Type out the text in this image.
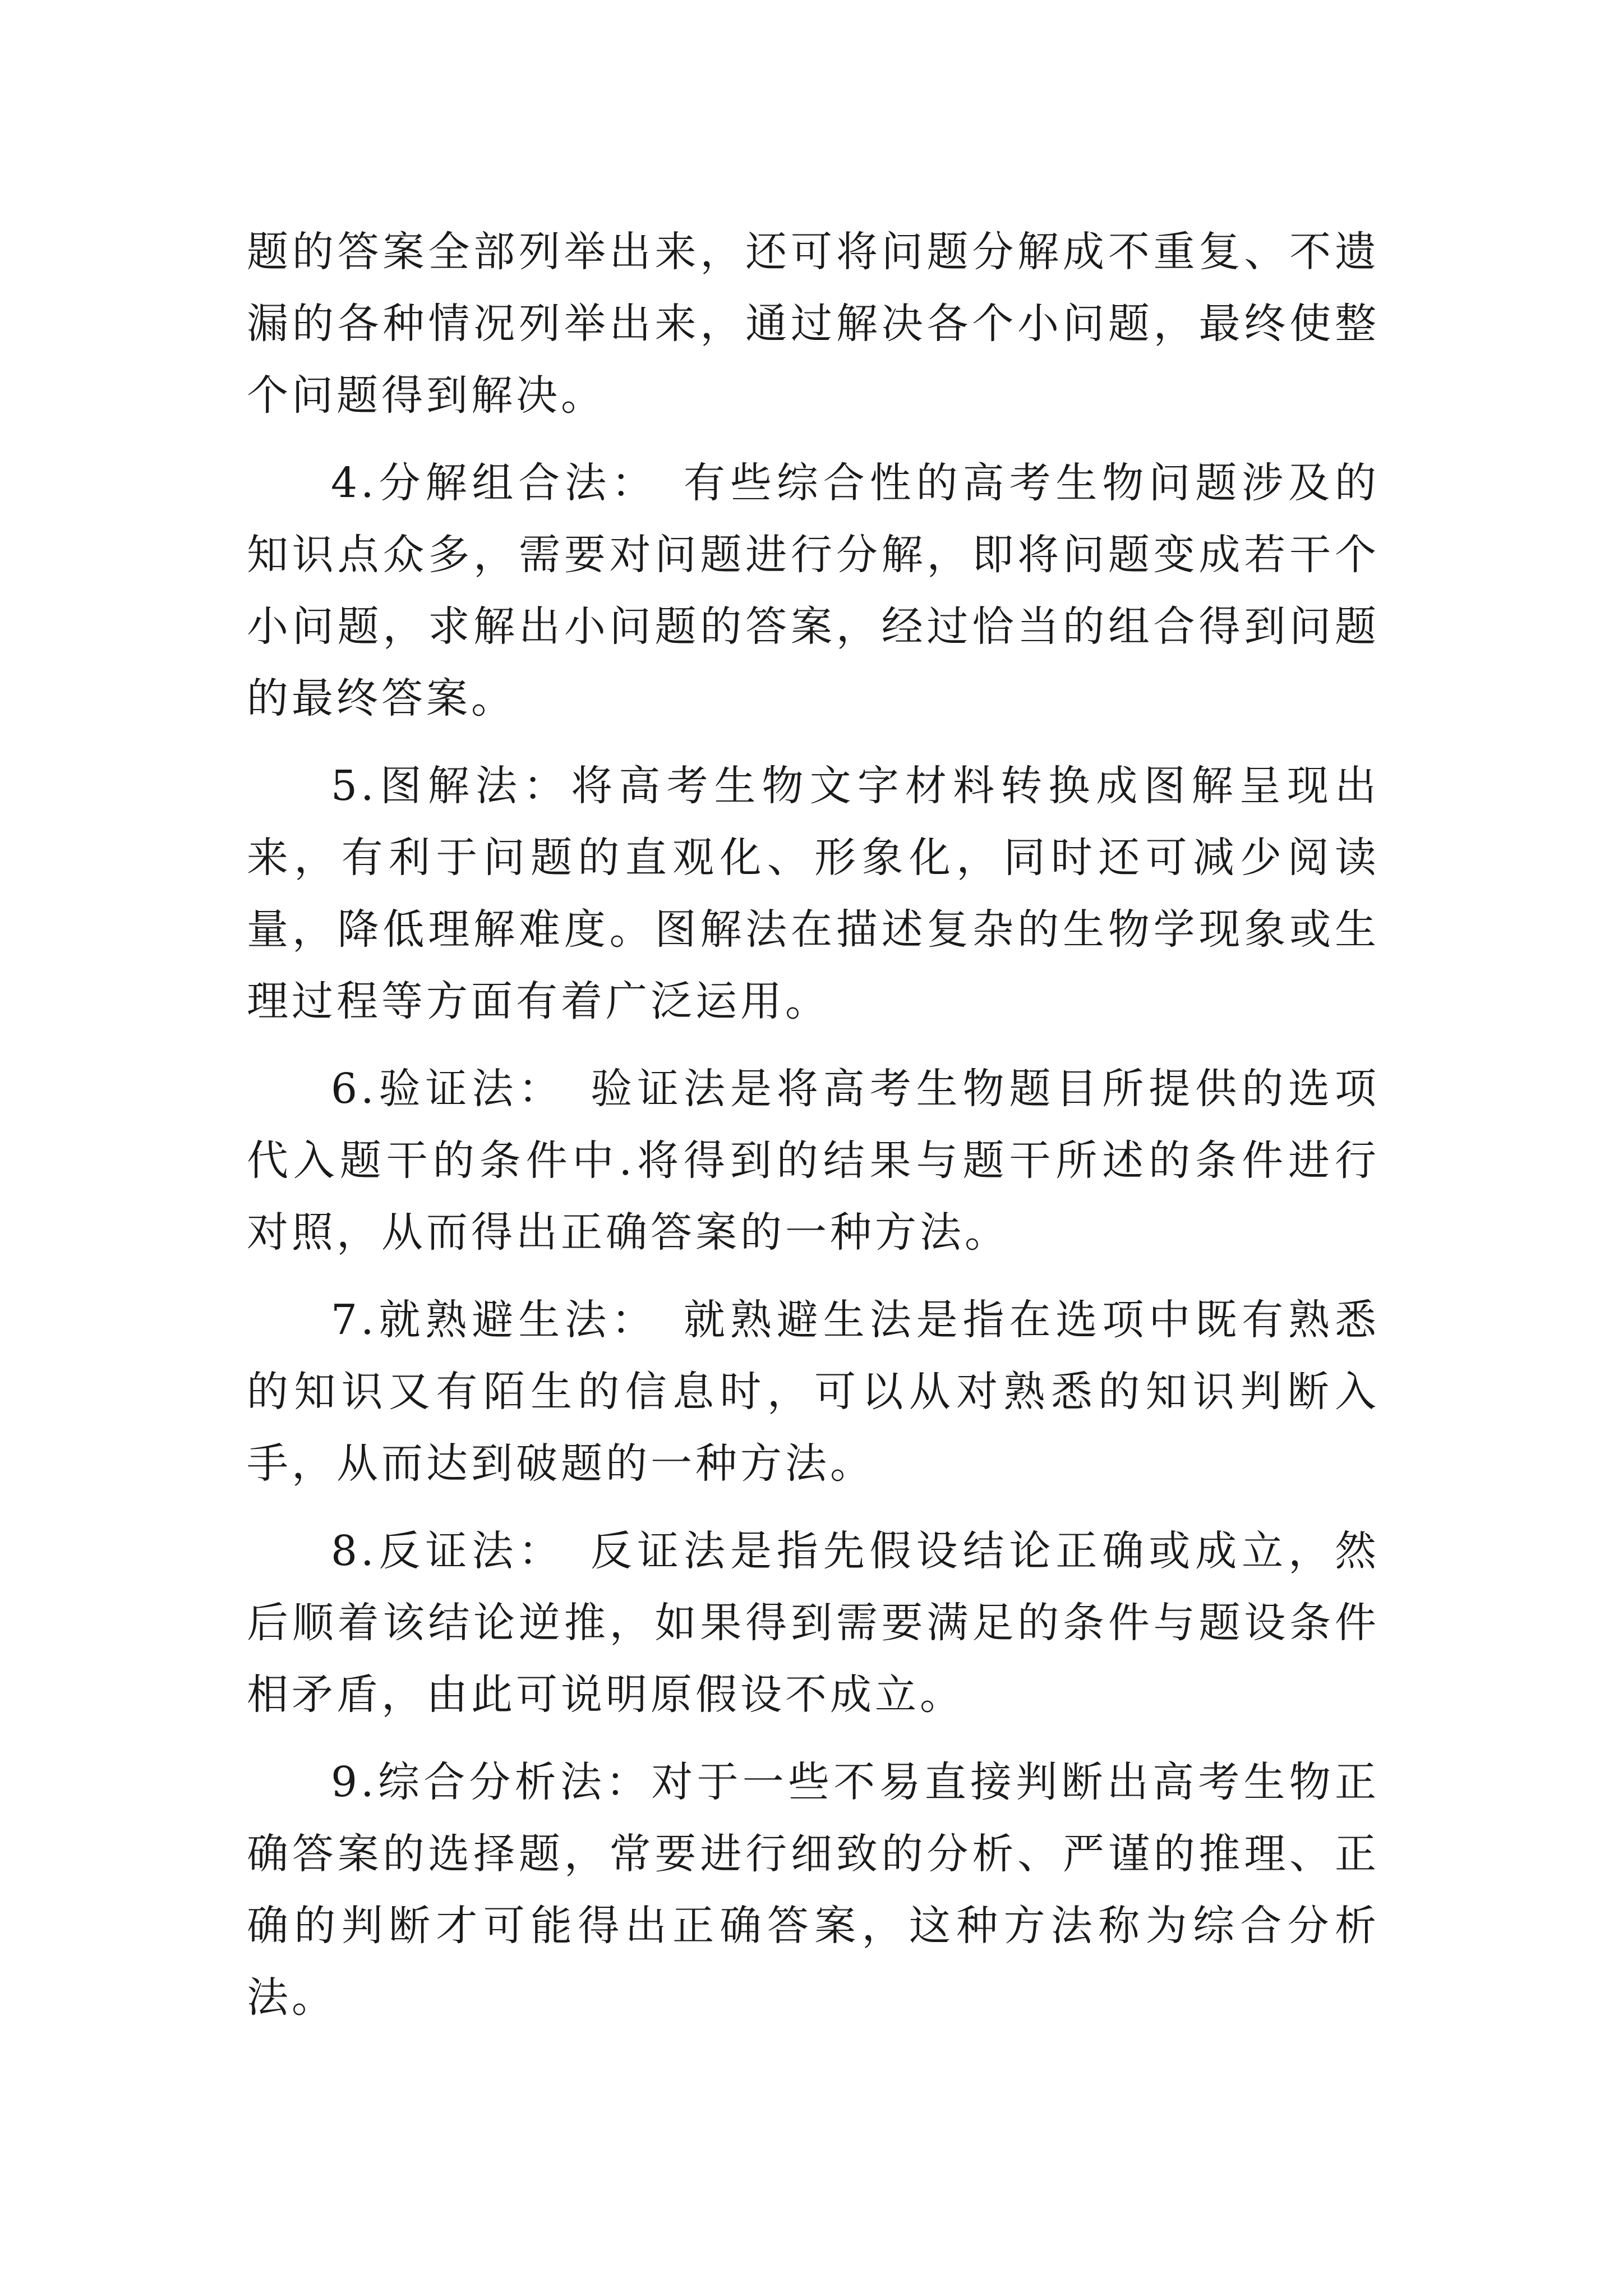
题的答案全部列举出来，还可将问题分解成不重复、不遗漏的各种情况列举出来，通过解决各个小问题，最终使整个问题得到解决。

4.分解组合法：　有些综合性的高考生物问题涉及的知识点众多，需要对问题进行分解，即将问题变成若干个小问题，求解出小问题的答案，经过恰当的组合得到问题的最终答案。

5.图解法：将高考生物文字材料转换成图解呈现出来，有利于问题的直观化、形象化，同时还可减少阅读量，降低理解难度。图解法在描述复杂的生物学现象或生理过程等方面有着广泛运用。

6.验证法：　验证法是将高考生物题目所提供的选项代入题干的条件中.将得到的结果与题干所述的条件进行对照，从而得出正确答案的一种方法。

7.就熟避生法：　就熟避生法是指在选项中既有熟悉的知识又有陌生的信息时，可以从对熟悉的知识判断入手，从而达到破题的一种方法。

8.反证法：　反证法是指先假设结论正确或成立，然后顺着该结论逆推，如果得到需要满足的条件与题设条件相矛盾，由此可说明原假设不成立。

9.综合分析法：对于一些不易直接判断出高考生物正确答案的选择题，常要进行细致的分析、严谨的推理、正确的判断才可能得出正确答案，这种方法称为综合分析法。
